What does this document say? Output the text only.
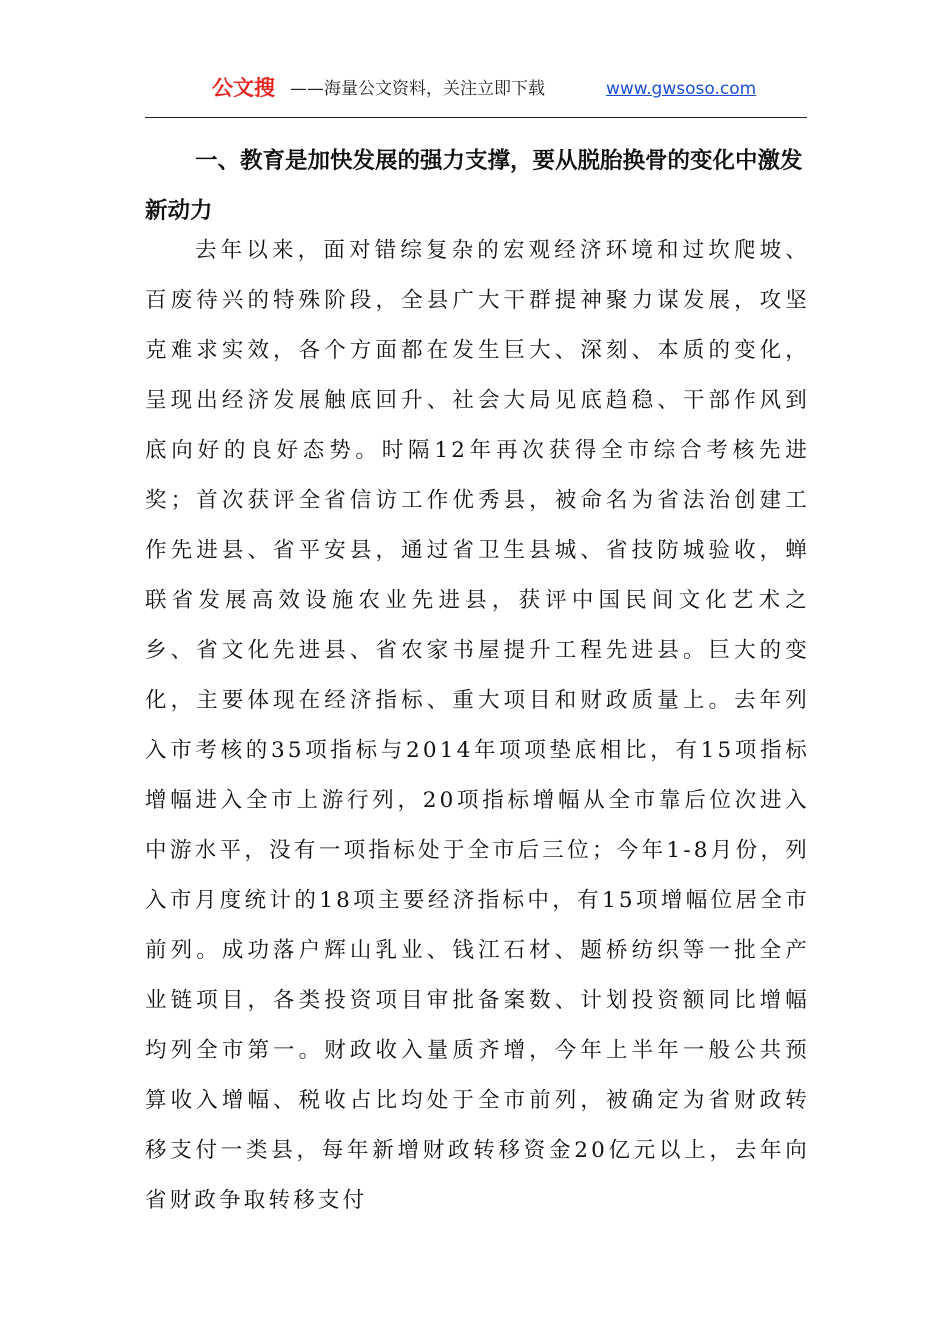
公文搜 ——海量公文资料，关注立即下载	www.gwsoso.com

一、教育是加快发展的强力支撑，要从脱胎换骨的变化中激发新动力

去年以来，面对错综复杂的宏观经济环境和过坎爬坡、百废待兴的特殊阶段，全县广大干群提神聚力谋发展，攻坚克难求实效，各个方面都在发生巨大、深刻、本质的变化，呈现出经济发展触底回升、社会大局见底趋稳、干部作风到底向好的良好态势。时隔12年再次获得全市综合考核先进奖；首次获评全省信访工作优秀县，被命名为省法治创建工作先进县、省平安县，通过省卫生县城、省技防城验收，蝉联省发展高效设施农业先进县，获评中国民间文化艺术之乡、省文化先进县、省农家书屋提升工程先进县。巨大的变化，主要体现在经济指标、重大项目和财政质量上。去年列入市考核的35项指标与2014年项项垫底相比，有15项指标增幅进入全市上游行列，20项指标增幅从全市靠后位次进入中游水平，没有一项指标处于全市后三位；今年1-8月份，列入市月度统计的18项主要经济指标中，有15项增幅位居全市前列。成功落户辉山乳业、钱江石材、题桥纺织等一批全产业链项目，各类投资项目审批备案数、计划投资额同比增幅均列全市第一。财政收入量质齐增，今年上半年一般公共预算收入增幅、税收占比均处于全市前列，被确定为省财政转移支付一类县，每年新增财政转移资金20亿元以上，去年向省财政争取转移支付
